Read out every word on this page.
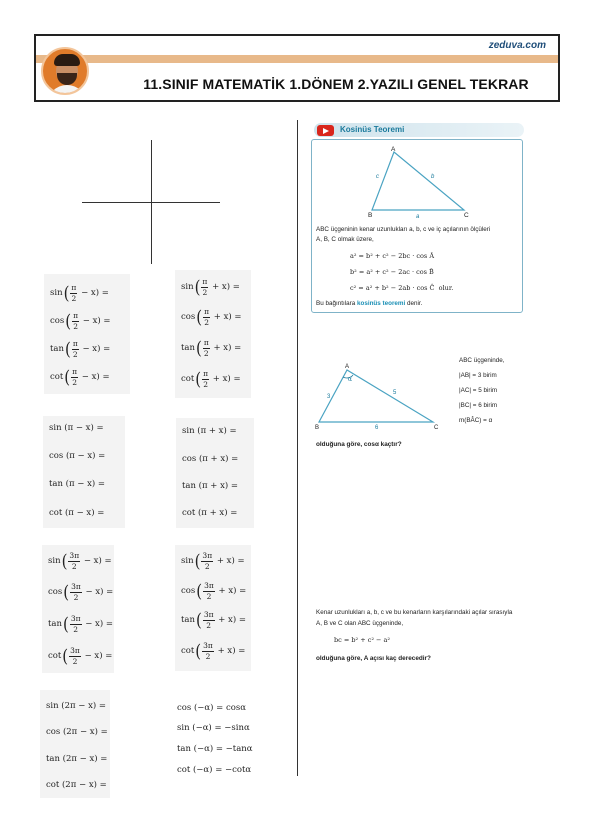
zeduva.com
11.SINIF MATEMATİK 1.DÖNEM 2.YAZILI GENEL TEKRAR
sin ( $\frac{\pi}{2}$
− x ) =
cos ( $\frac{\pi}{2}$
− x ) =
tan ( $\frac{\pi}{2}$
− x ) =
cot ( $\frac{\pi}{2}$
− x ) =
sin ( $\frac{\pi}{2}$
+ x ) =
cos ( $\frac{\pi}{2}$
+ x ) =
tan ( $\frac{\pi}{2}$
+ x ) =
cot ( $\frac{\pi}{2}$
+ x ) =
sin (π − x) =
cos (π − x) =
tan (π − x) =
cot (π − x) =
sin (π + x) =
cos (π + x) =
tan (π + x) =
cot (π + x) =
sin ( $\frac{3\pi}{2}$
− x ) =
cos ( $\frac{3\pi}{2}$
− x ) =
tan ( $\frac{3\pi}{2}$
− x ) =
cot ( $\frac{3\pi}{2}$
− x ) =
sin ( $\frac{3\pi}{2}$
+ x ) =
cos ( $\frac{3\pi}{2}$
+ x ) =
tan ( $\frac{3\pi}{2}$
+ x ) =
cot ( $\frac{3\pi}{2}$
+ x ) =
sin (2π − x) =
cos (2π − x) =
tan (2π − x) =
cot (2π − x) =
cos (−α) = cosα
sin (−α) = −sinα
tan (−α) = −tanα
cot (−α) = −cotα
Kosinüs Teoremi
A
B	C
a
b
c
ABC üçgeninin kenar uzunlukları a, b, c ve iç açılarının ölçüleri
A, B, C olmak üzere,
a² = b² + c² − 2bc · cos Â
b² = a² + c² − 2ac · cos B̂
c² = a² + b² − 2ab · cos Ĉ olur.
Bu bağıntılara kosinüs teoremi denir.
A
B	C
α
3
5
6
ABC üçgeninde,
|AB| = 3 birim
|AC| = 5 birim
|BC| = 6 birim
m(BÂC) = α
olduğuna göre, cosα kaçtır?
Kenar uzunlukları a, b, c ve bu kenarların karşılarındaki açılar sırasıyla
A, B ve C olan ABC üçgeninde,
bc = b² + c² − a²
olduğuna göre, A açısı kaç derecedir?
